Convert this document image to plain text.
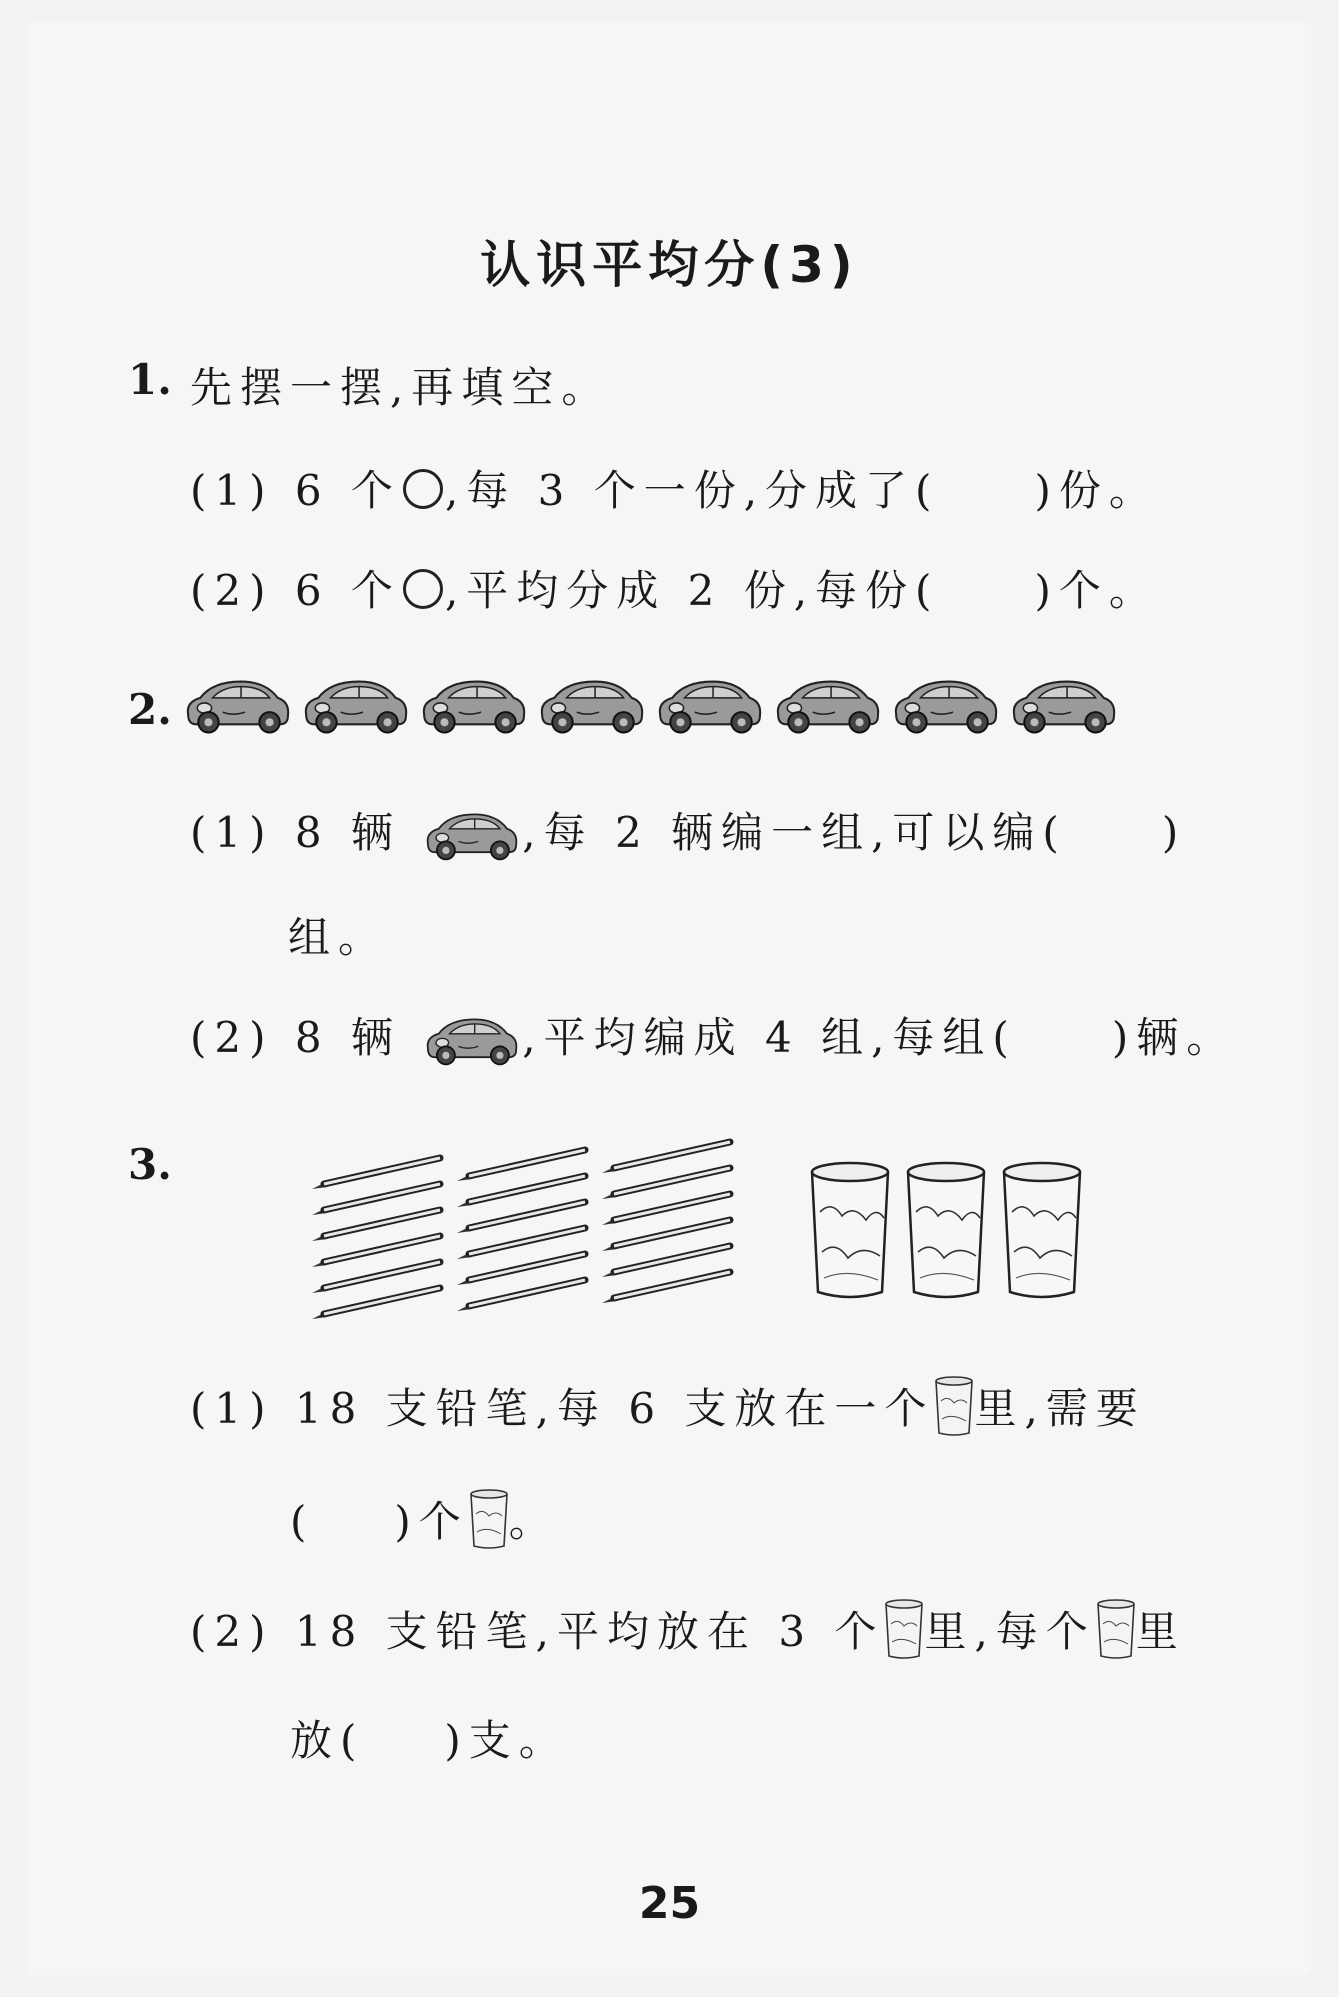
认识平均分(3)
1. 先摆一摆,再填空。
(1) 6 个 ,每 3 个一份,分成了( )份。
(2) 6 个 ,平均分成 2 份,每份( )个。
2.
(1) 8 辆	,每 2 辆编一组,可以编( )
组。
(2) 8 辆	,平均编成 4 组,每组( )辆。
3.
(1) 18 支铅笔,每 6 支放在一个 里,需要
( )个 。
(2) 18 支铅笔,平均放在 3 个 里,每个 里
放( )支。
25
